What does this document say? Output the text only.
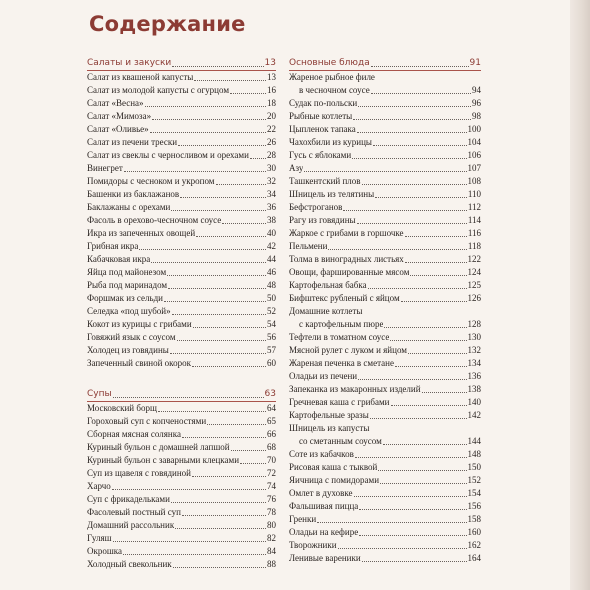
Содержание
Салаты и закуски	13
Салат из квашеной капусты	13
Салат из молодой капусты с огурцом	16
Салат «Весна»	18
Салат «Мимоза»	20
Салат «Оливье»	22
Салат из печени трески	26
Салат из свеклы с черносливом и орехами 28
Винегрет	30
Помидоры с чесноком и укропом	32
Башенки из баклажанов	34
Баклажаны с орехами	36
Фасоль в орехово-чесночном соусе	38
Икра из запеченных овощей	40
Грибная икра	42
Кабачковая икра	44
Яйца под майонезом	46
Рыба под маринадом	48
Форшмак из сельди	50
Селедка «под шубой»	52
Кокот из курицы с грибами	54
Говяжий язык с соусом	56
Холодец из говядины	57
Запеченный свиной окорок	60
Супы	63
Московский борщ	64
Гороховый суп с копченостями	65
Сборная мясная солянка	66
Куриный бульон с домашней лапшой	68
Куриный бульон с заварными клецками	70
Суп из щавеля с говядиной	72
Харчо	74
Суп с фрикадельками	76
Фасолевый постный суп	78
Домашний рассольник	80
Гуляш	82
Окрошка	84
Холодный свекольник	88
Основные блюда	91
Жареное рыбное филе
в чесночном соусе	94
Судак по-польски	96
Рыбные котлеты	98
Цыпленок тапака	100
Чахохбили из курицы	104
Гусь с яблоками	106
Азу	107
Ташкентский плов	108
Шницель из телятины	110
Бефстроганов	112
Рагу из говядины	114
Жаркое с грибами в горшочке	116
Пельмени	118
Толма в виноградных листьях	122
Овощи, фаршированные мясом	124
Картофельная бабка	125
Бифштекс рубленый с яйцом	126
Домашние котлеты
с картофельным пюре	128
Тефтели в томатном соусе	130
Мясной рулет с луком и яйцом	132
Жареная печенка в сметане	134
Оладьи из печени	136
Запеканка из макаронных изделий	138
Гречневая каша с грибами	140
Картофельные зразы	142
Шницель из капусты
со сметанным соусом	144
Соте из кабачков	148
Рисовая каша с тыквой	150
Яичница с помидорами	152
Омлет в духовке	154
Фальшивая пицца	156
Гренки	158
Оладьи на кефире	160
Творожники	162
Ленивые вареники	164
